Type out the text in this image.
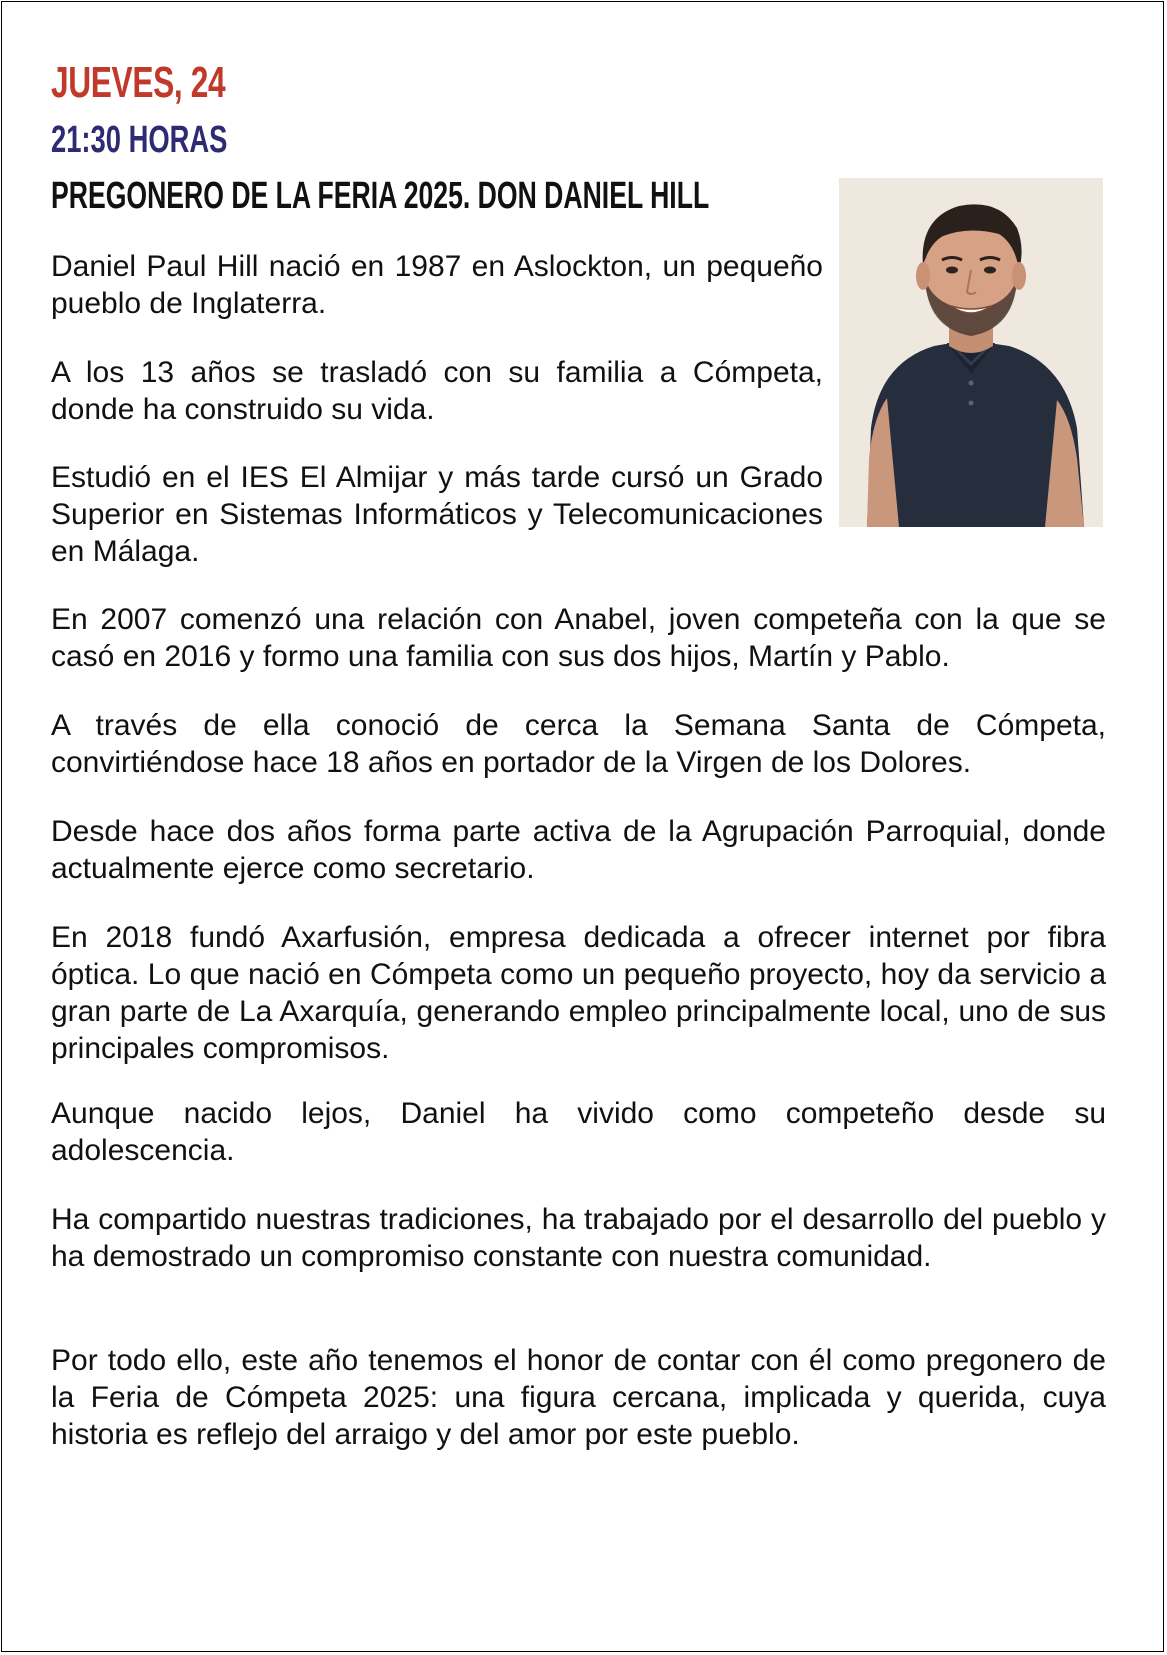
JUEVES, 24
21:30 HORAS
PREGONERO DE LA FERIA 2025. DON DANIEL HILL

Daniel Paul Hill nació en 1987 en Aslockton, un pequeño pueblo de Inglaterra.

A los 13 años se trasladó con su familia a Cómpeta, donde ha construido su vida.

Estudió en el IES El Almijar y más tarde cursó un Grado Superior en Sistemas Informáticos y Telecomunicaciones en Málaga.

En 2007 comenzó una relación con Anabel, joven competeña con la que se casó en 2016 y formo una familia con sus dos hijos, Martín y Pablo.

A través de ella conoció de cerca la Semana Santa de Cómpeta, convirtiéndose hace 18 años en portador de la Virgen de los Dolores.

Desde hace dos años forma parte activa de la Agrupación Parroquial, donde actualmente ejerce como secretario.

En 2018 fundó Axarfusión, empresa dedicada a ofrecer internet por fibra óptica. Lo que nació en Cómpeta como un pequeño proyecto, hoy da servicio a gran parte de La Axarquía, generando empleo principalmente local, uno de sus principales compromisos.

Aunque nacido lejos, Daniel ha vivido como competeño desde su adolescencia.

Ha compartido nuestras tradiciones, ha trabajado por el desarrollo del pueblo y ha demostrado un compromiso constante con nuestra comunidad.

Por todo ello, este año tenemos el honor de contar con él como pregonero de la Feria de Cómpeta 2025: una figura cercana, implicada y querida, cuya historia es reflejo del arraigo y del amor por este pueblo.
